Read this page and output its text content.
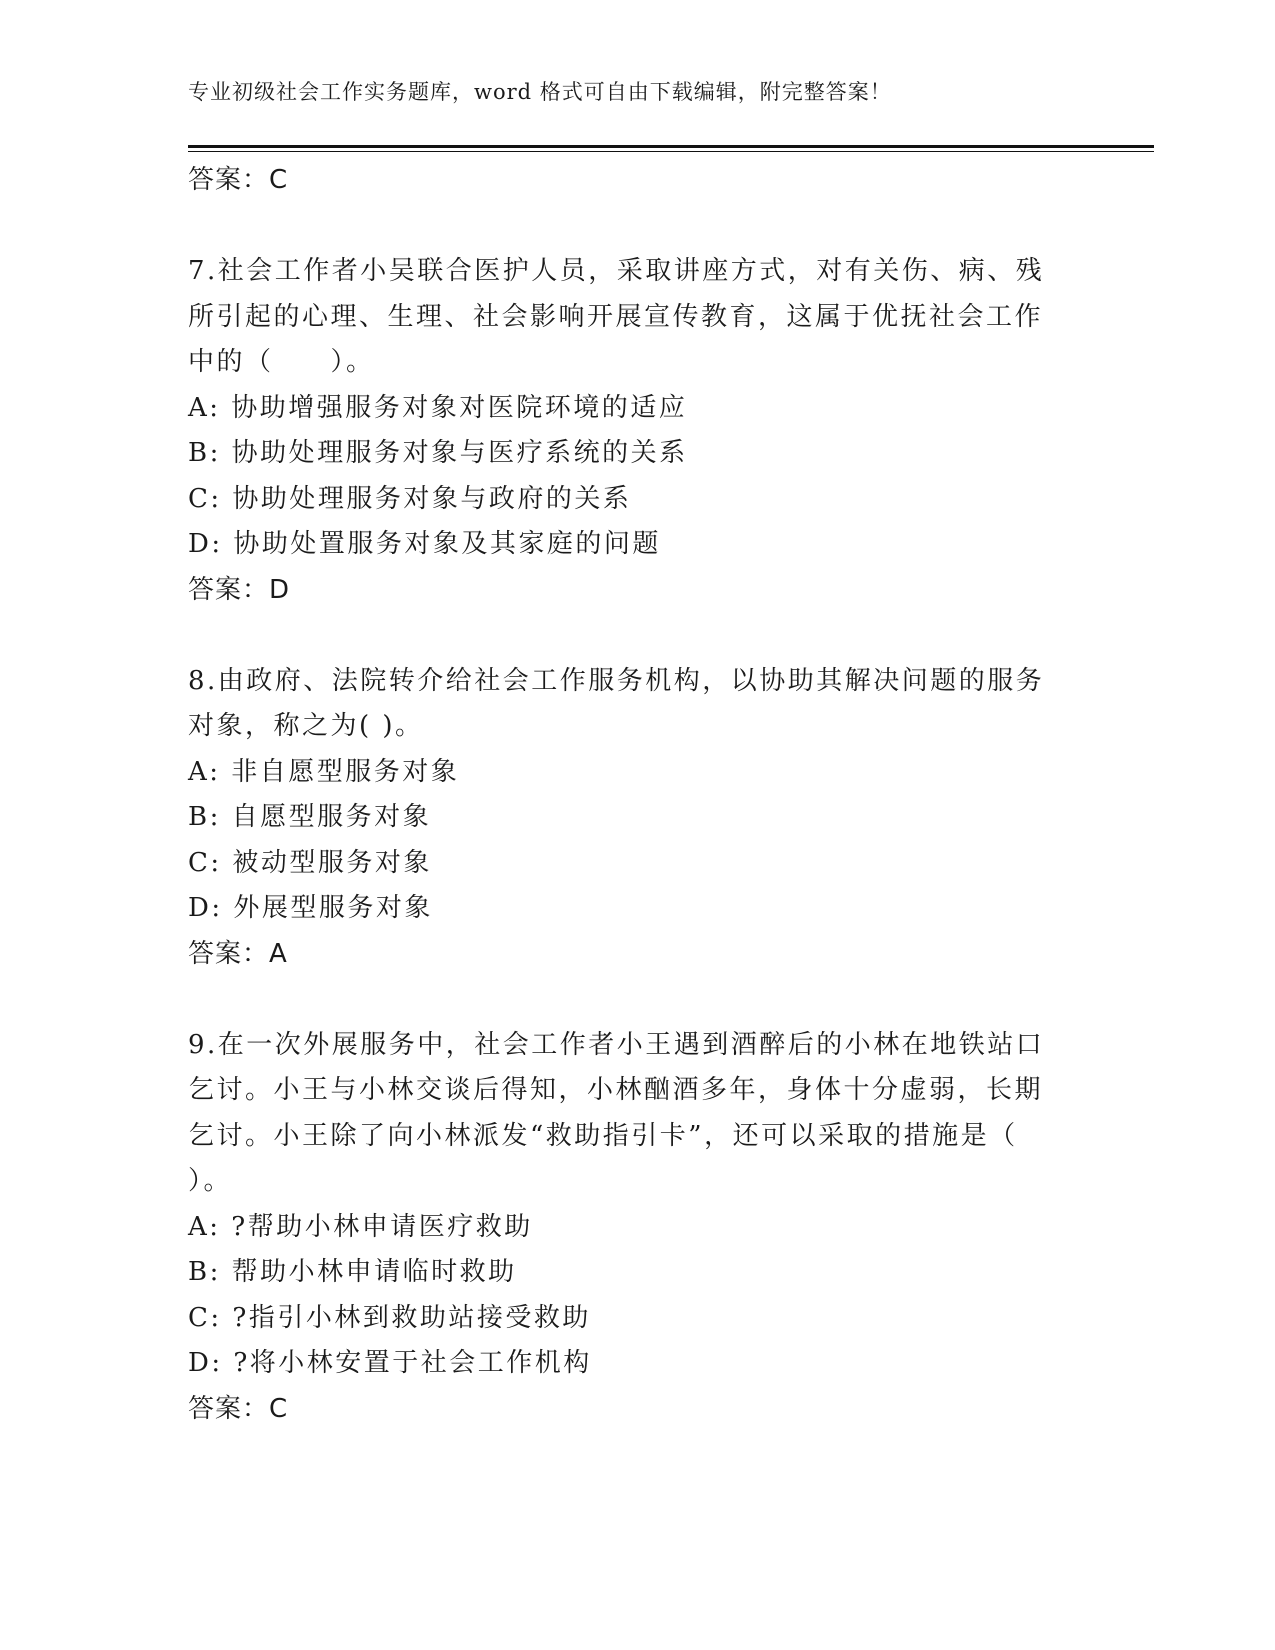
专业初级社会工作实务题库，word 格式可自由下载编辑，附完整答案！
答案：C
7.社会工作者小吴联合医护人员，采取讲座方式，对有关伤、病、残
所引起的心理、生理、社会影响开展宣传教育，这属于优抚社会工作
中的（　　）。
A: 协助增强服务对象对医院环境的适应
B: 协助处理服务对象与医疗系统的关系
C: 协助处理服务对象与政府的关系
D: 协助处置服务对象及其家庭的问题
答案：D
8.由政府、法院转介给社会工作服务机构，以协助其解决问题的服务
对象，称之为( )。
A: 非自愿型服务对象
B: 自愿型服务对象
C: 被动型服务对象
D: 外展型服务对象
答案：A
9.在一次外展服务中，社会工作者小王遇到酒醉后的小林在地铁站口
乞讨。小王与小林交谈后得知，小林酗酒多年，身体十分虚弱，长期
乞讨。小王除了向小林派发“救助指引卡”，还可以采取的措施是（
）。
A: ?帮助小林申请医疗救助
B: 帮助小林申请临时救助
C: ?指引小林到救助站接受救助
D: ?将小林安置于社会工作机构
答案：C
